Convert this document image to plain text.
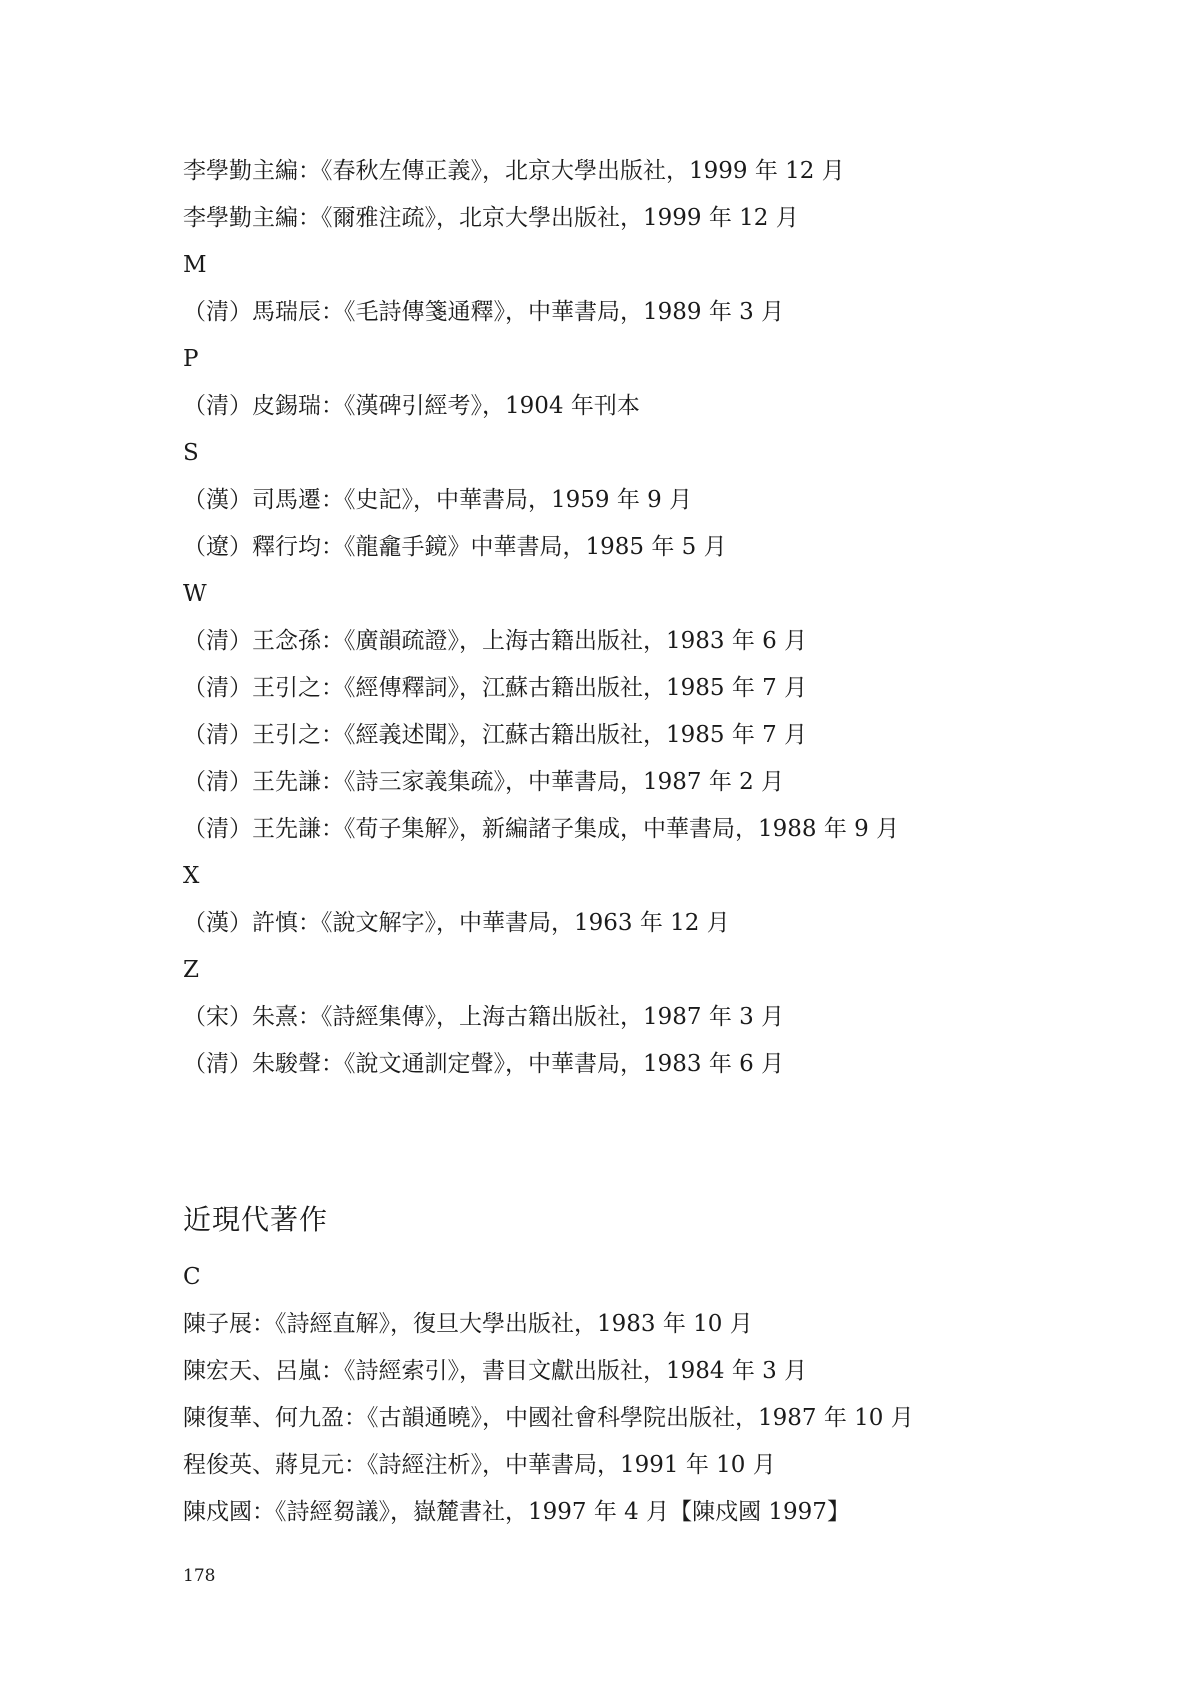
李學勤主編：《春秋左傳正義》，北京大學出版社，1999 年 12 月
李學勤主編：《爾雅注疏》，北京大學出版社，1999 年 12 月
M
（清）馬瑞辰：《毛詩傳箋通釋》，中華書局，1989 年 3 月
P
（清）皮錫瑞：《漢碑引經考》，1904 年刊本
S
（漢）司馬遷：《史記》，中華書局，1959 年 9 月
（遼）釋行均：《龍龕手鏡》中華書局，1985 年 5 月
W
（清）王念孫：《廣韻疏證》，上海古籍出版社，1983 年 6 月
（清）王引之：《經傳釋詞》，江蘇古籍出版社，1985 年 7 月
（清）王引之：《經義述聞》，江蘇古籍出版社，1985 年 7 月
（清）王先謙：《詩三家義集疏》，中華書局，1987 年 2 月
（清）王先謙：《荀子集解》，新編諸子集成，中華書局，1988 年 9 月
X
（漢）許慎：《說文解字》，中華書局，1963 年 12 月
Z
（宋）朱熹：《詩經集傳》，上海古籍出版社，1987 年 3 月
（清）朱駿聲：《說文通訓定聲》，中華書局，1983 年 6 月
近現代著作
C
陳子展：《詩經直解》，復旦大學出版社，1983 年 10 月
陳宏天、呂嵐：《詩經索引》，書目文獻出版社，1984 年 3 月
陳復華、何九盈：《古韻通曉》，中國社會科學院出版社，1987 年 10 月
程俊英、蔣見元：《詩經注析》，中華書局，1991 年 10 月
陳戍國：《詩經芻議》，嶽麓書社，1997 年 4 月【陳戍國 1997】
178
